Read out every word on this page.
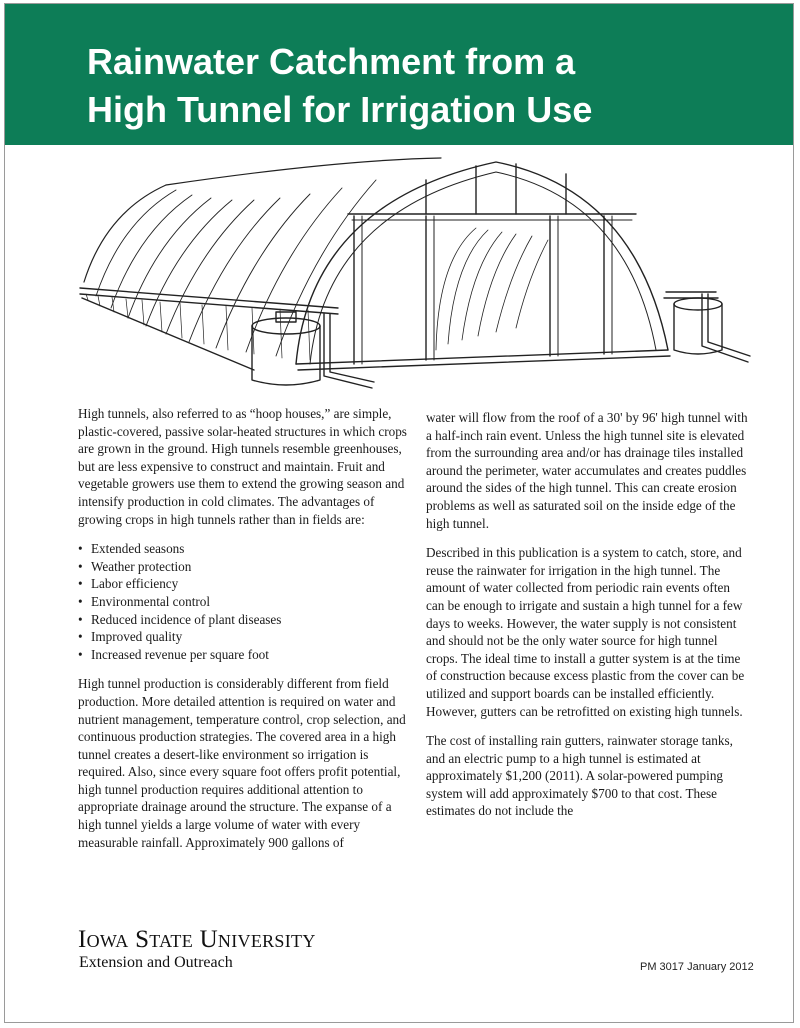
Rainwater Catchment from a
High Tunnel for Irrigation Use

High tunnels, also referred to as “hoop houses,” are simple, plastic-covered, passive solar-heated structures in which crops are grown in the ground. High tunnels resemble greenhouses, but are less expensive to construct and maintain. Fruit and vegetable growers use them to extend the growing season and intensify production in cold climates. The advantages of growing crops in high tunnels rather than in fields are:

• Extended seasons
• Weather protection
• Labor efficiency
• Environmental control
• Reduced incidence of plant diseases
• Improved quality
• Increased revenue per square foot

High tunnel production is considerably different from field production. More detailed attention is required on water and nutrient management, temperature control, crop selection, and continuous production strategies. The covered area in a high tunnel creates a desert-like environment so irrigation is required. Also, since every square foot offers profit potential, high tunnel production requires additional attention to appropriate drainage around the structure. The expanse of a high tunnel yields a large volume of water with every measurable rainfall. Approximately 900 gallons of

water will flow from the roof of a 30' by 96' high tunnel with a half-inch rain event. Unless the high tunnel site is elevated from the surrounding area and/or has drainage tiles installed around the perimeter, water accumulates and creates puddles around the sides of the high tunnel. This can create erosion problems as well as saturated soil on the inside edge of the high tunnel.

Described in this publication is a system to catch, store, and reuse the rainwater for irrigation in the high tunnel. The amount of water collected from periodic rain events often can be enough to irrigate and sustain a high tunnel for a few days to weeks. However, the water supply is not consistent and should not be the only water source for high tunnel crops. The ideal time to install a gutter system is at the time of construction because excess plastic from the cover can be utilized and support boards can be installed efficiently. However, gutters can be retrofitted on existing high tunnels.

The cost of installing rain gutters, rainwater storage tanks, and an electric pump to a high tunnel is estimated at approximately $1,200 (2011). A solar-powered pumping system will add approximately $700 to that cost. These estimates do not include the

Iowa State University
Extension and Outreach	PM 3017 January 2012
